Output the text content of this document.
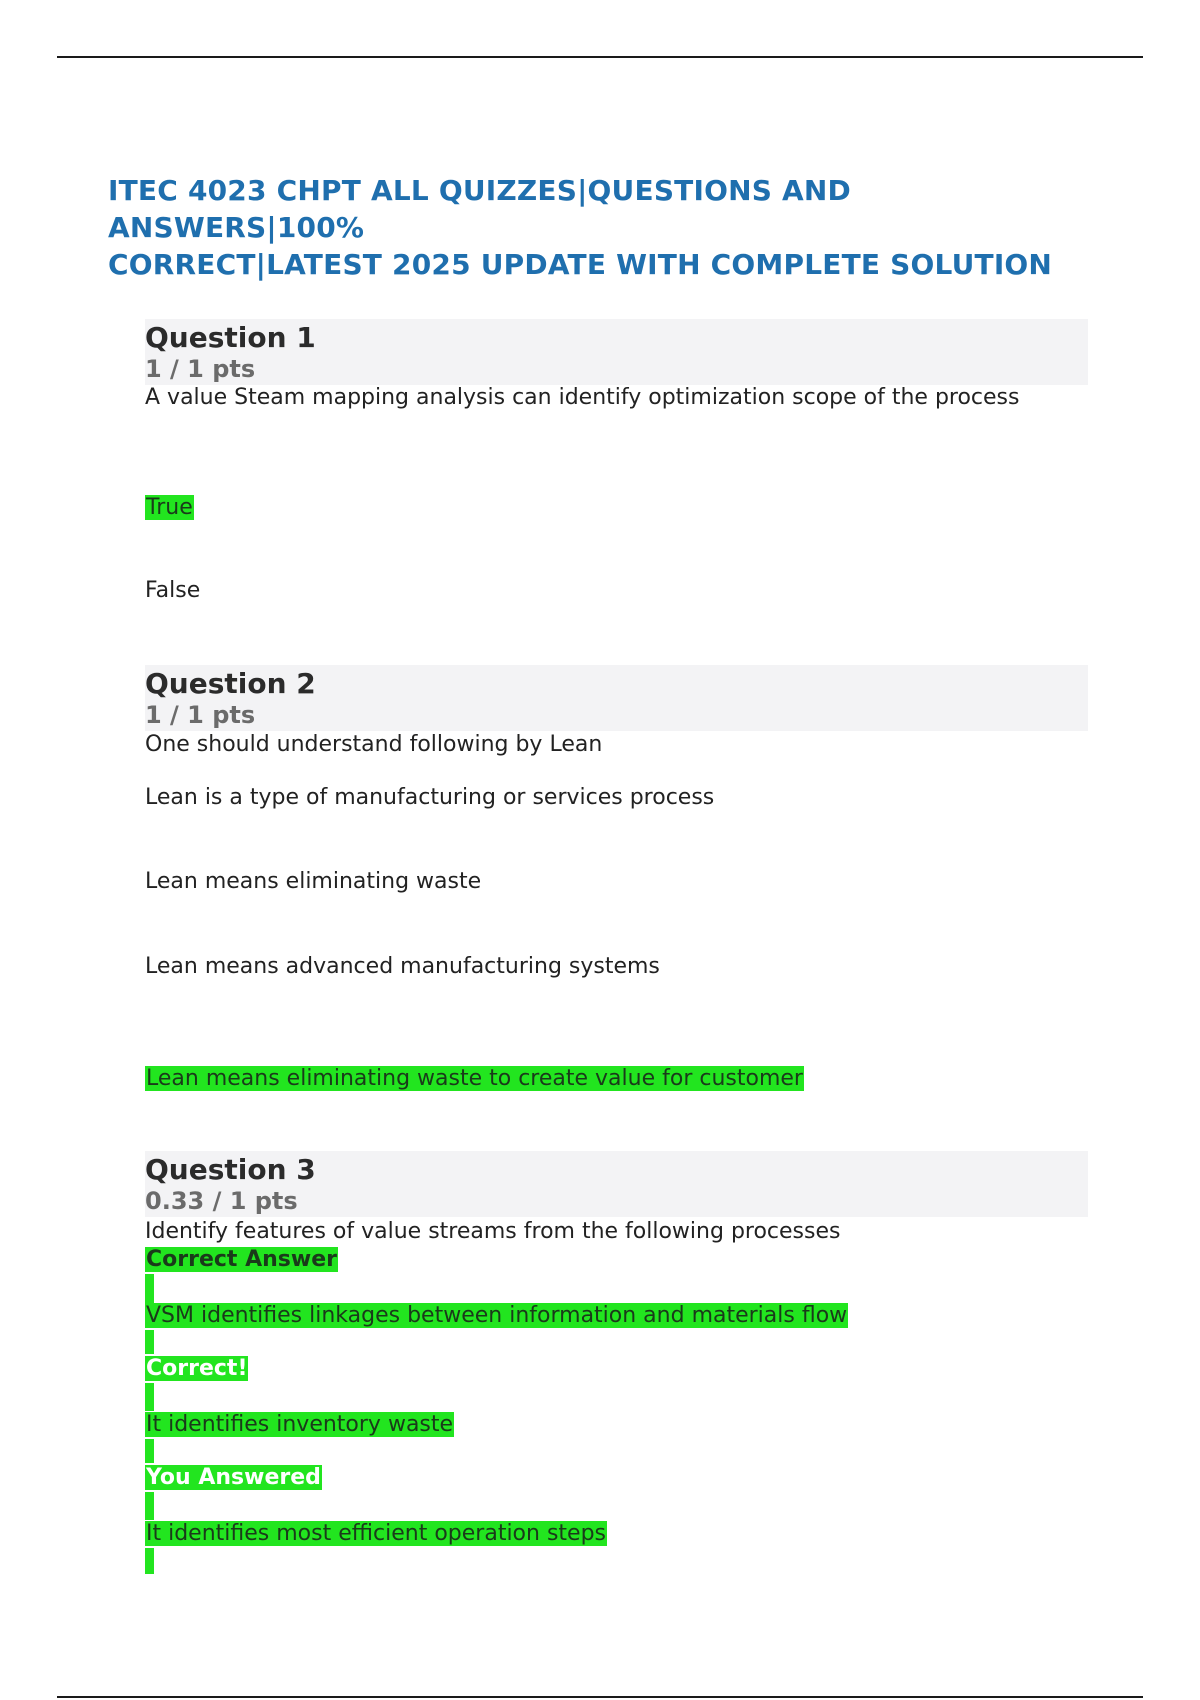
ITEC 4023 CHPT ALL QUIZZES|QUESTIONS AND ANSWERS|100%
CORRECT|LATEST 2025 UPDATE WITH COMPLETE SOLUTION
Question 1
1 / 1 pts
A value Steam mapping analysis can identify optimization scope of the process
True
False
Question 2
1 / 1 pts
One should understand following by Lean
Lean is a type of manufacturing or services process
Lean means eliminating waste
Lean means advanced manufacturing systems
Lean means eliminating waste to create value for customer
Question 3
0.33 / 1 pts
Identify features of value streams from the following processes
Correct Answer
VSM identifies linkages between information and materials flow
Correct!
It identifies inventory waste
You Answered
It identifies most efficient operation steps
